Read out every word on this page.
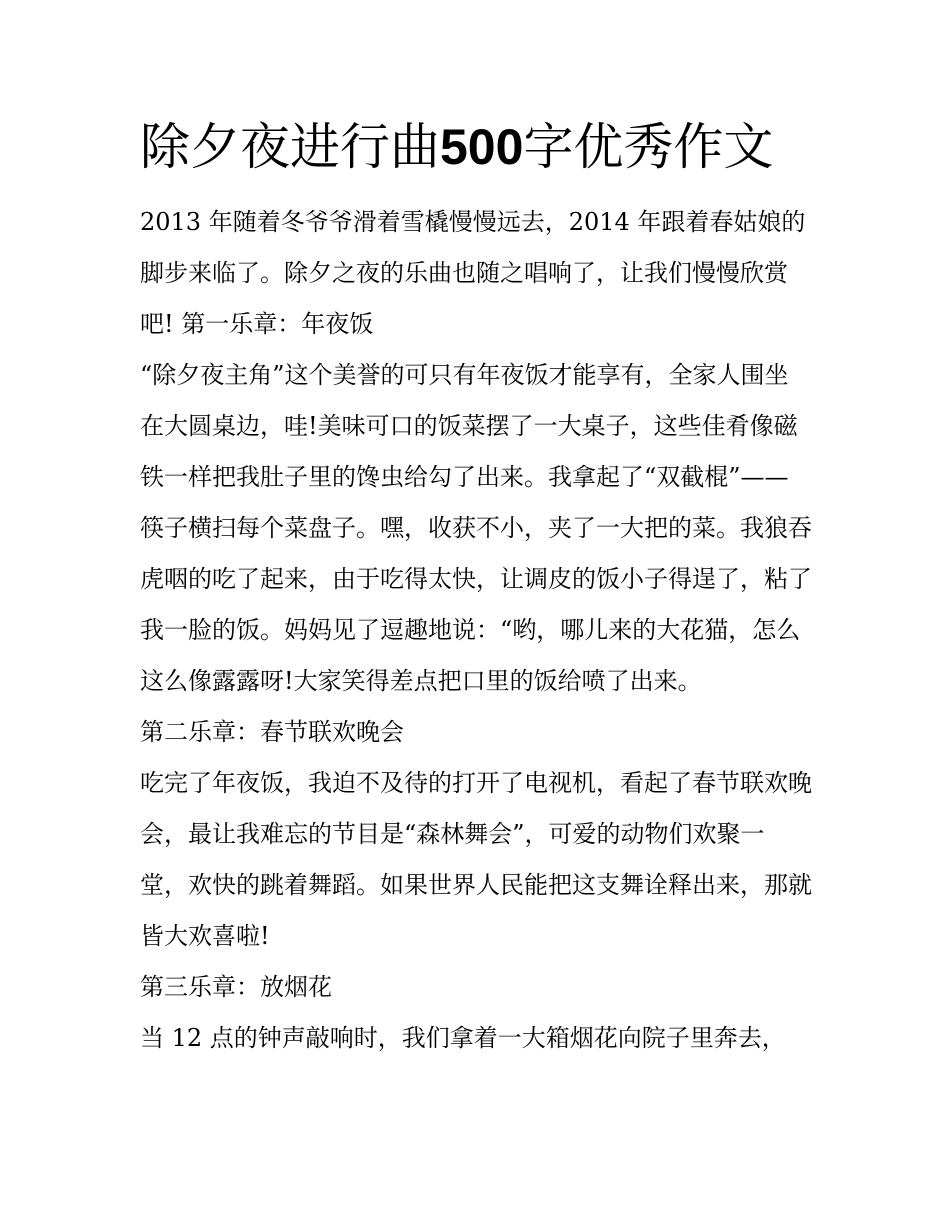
除夕夜进行曲500字优秀作文

2013 年随着冬爷爷滑着雪橇慢慢远去，2014 年跟着春姑娘的脚步来临了。除夕之夜的乐曲也随之唱响了，让我们慢慢欣赏吧! 第一乐章：年夜饭

“除夕夜主角”这个美誉的可只有年夜饭才能享有，全家人围坐在大圆桌边，哇!美味可口的饭菜摆了一大桌子，这些佳肴像磁铁一样把我肚子里的馋虫给勾了出来。我拿起了“双截棍”——筷子横扫每个菜盘子。嘿，收获不小，夹了一大把的菜。我狼吞虎咽的吃了起来，由于吃得太快，让调皮的饭小子得逞了，粘了我一脸的饭。妈妈见了逗趣地说：“哟，哪儿来的大花猫，怎么这么像露露呀!大家笑得差点把口里的饭给喷了出来。

第二乐章：春节联欢晚会

吃完了年夜饭，我迫不及待的打开了电视机，看起了春节联欢晚会，最让我难忘的节目是“森林舞会”，可爱的动物们欢聚一堂，欢快的跳着舞蹈。如果世界人民能把这支舞诠释出来，那就皆大欢喜啦!

第三乐章：放烟花

当 12 点的钟声敲响时，我们拿着一大箱烟花向院子里奔去，
